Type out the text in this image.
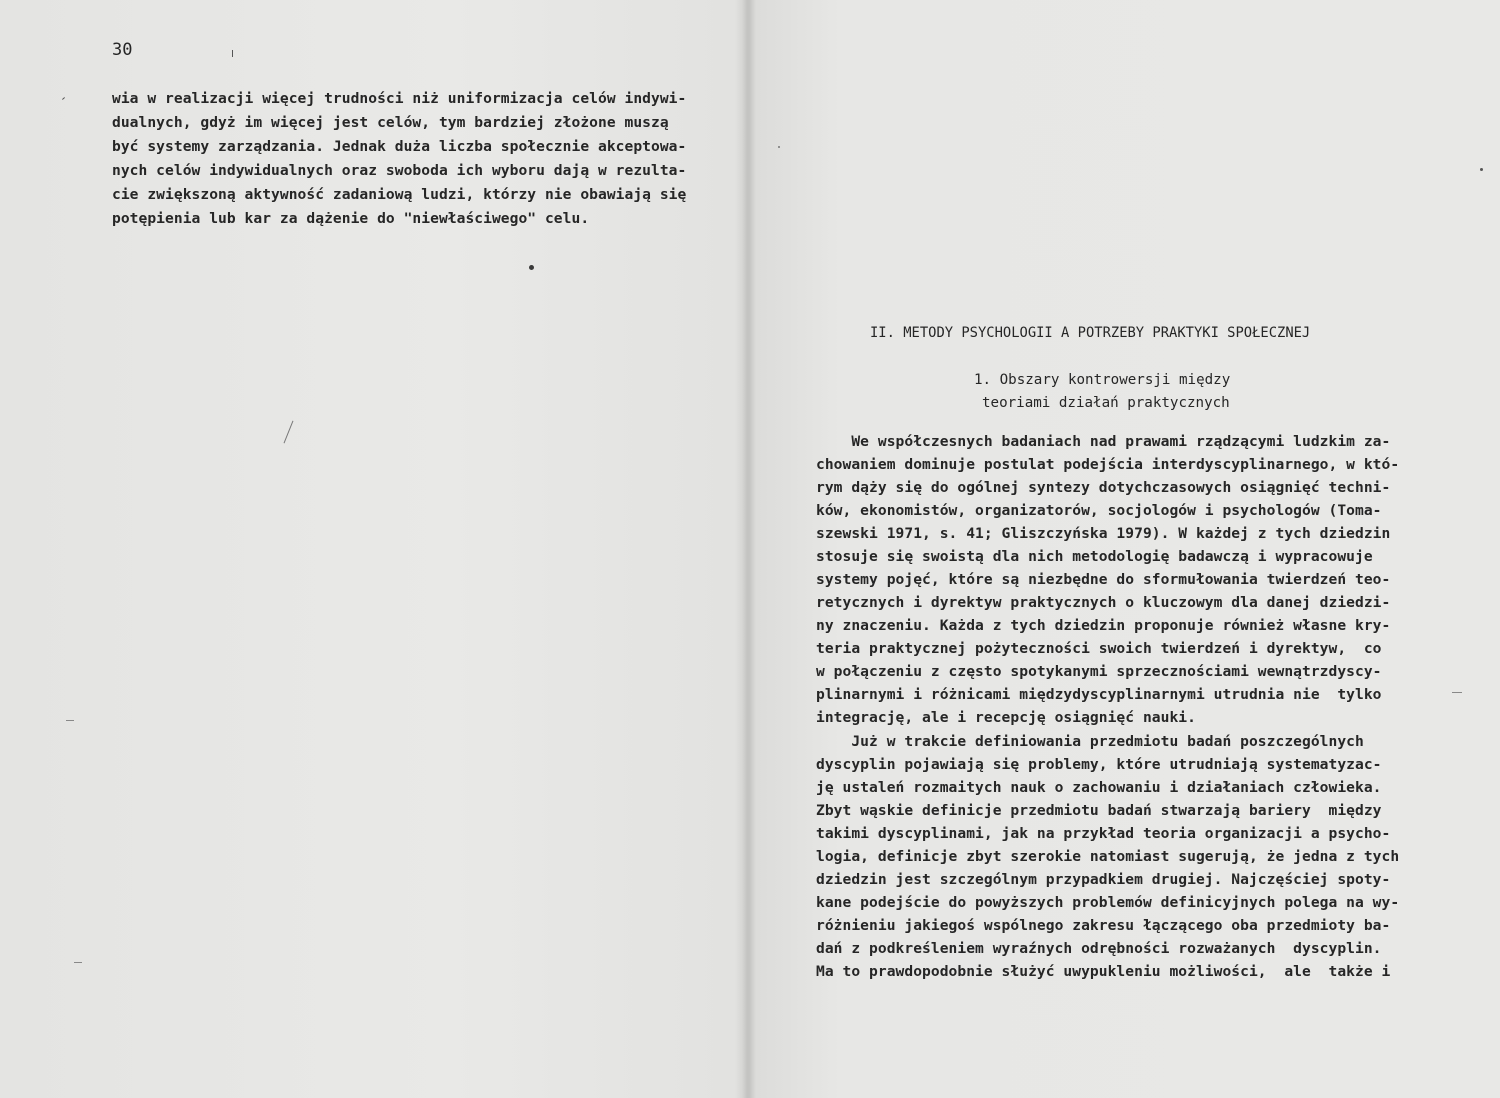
30
wia w realizacji więcej trudności niż uniformizacja celów indywi-
dualnych, gdyż im więcej jest celów, tym bardziej złożone muszą
być systemy zarządzania. Jednak duża liczba społecznie akceptowa-
nych celów indywidualnych oraz swoboda ich wyboru dają w rezulta-
cie zwiększoną aktywność zadaniową ludzi, którzy nie obawiają się
potępienia lub kar za dążenie do "niewłaściwego" celu.
II. METODY PSYCHOLOGII A POTRZEBY PRAKTYKI SPOŁECZNEJ
1. Obszary kontrowersji między
teoriami działań praktycznych
We współczesnych badaniach nad prawami rządzącymi ludzkim za-
chowaniem dominuje postulat podejścia interdyscyplinarnego, w któ-
rym dąży się do ogólnej syntezy dotychczasowych osiągnięć techni-
ków, ekonomistów, organizatorów, socjologów i psychologów (Toma-
szewski 1971, s. 41; Gliszczyńska 1979). W każdej z tych dziedzin
stosuje się swoistą dla nich metodologię badawczą i wypracowuje
systemy pojęć, które są niezbędne do sformułowania twierdzeń teo-
retycznych i dyrektyw praktycznych o kluczowym dla danej dziedzi-
ny znaczeniu. Każda z tych dziedzin proponuje również własne kry-
teria praktycznej pożyteczności swoich twierdzeń i dyrektyw,  co
w połączeniu z często spotykanymi sprzecznościami wewnątrzdyscy-
plinarnymi i różnicami międzydyscyplinarnymi utrudnia nie  tylko
integrację, ale i recepcję osiągnięć nauki.
Już w trakcie definiowania przedmiotu badań poszczególnych
dyscyplin pojawiają się problemy, które utrudniają systematyzac-
ję ustaleń rozmaitych nauk o zachowaniu i działaniach człowieka.
Zbyt wąskie definicje przedmiotu badań stwarzają bariery  między
takimi dyscyplinami, jak na przykład teoria organizacji a psycho-
logia, definicje zbyt szerokie natomiast sugerują, że jedna z tych
dziedzin jest szczególnym przypadkiem drugiej. Najczęściej spoty-
kane podejście do powyższych problemów definicyjnych polega na wy-
różnieniu jakiegoś wspólnego zakresu łączącego oba przedmioty ba-
dań z podkreśleniem wyraźnych odrębności rozważanych  dyscyplin.
Ma to prawdopodobnie służyć uwypukleniu możliwości,  ale  także i
